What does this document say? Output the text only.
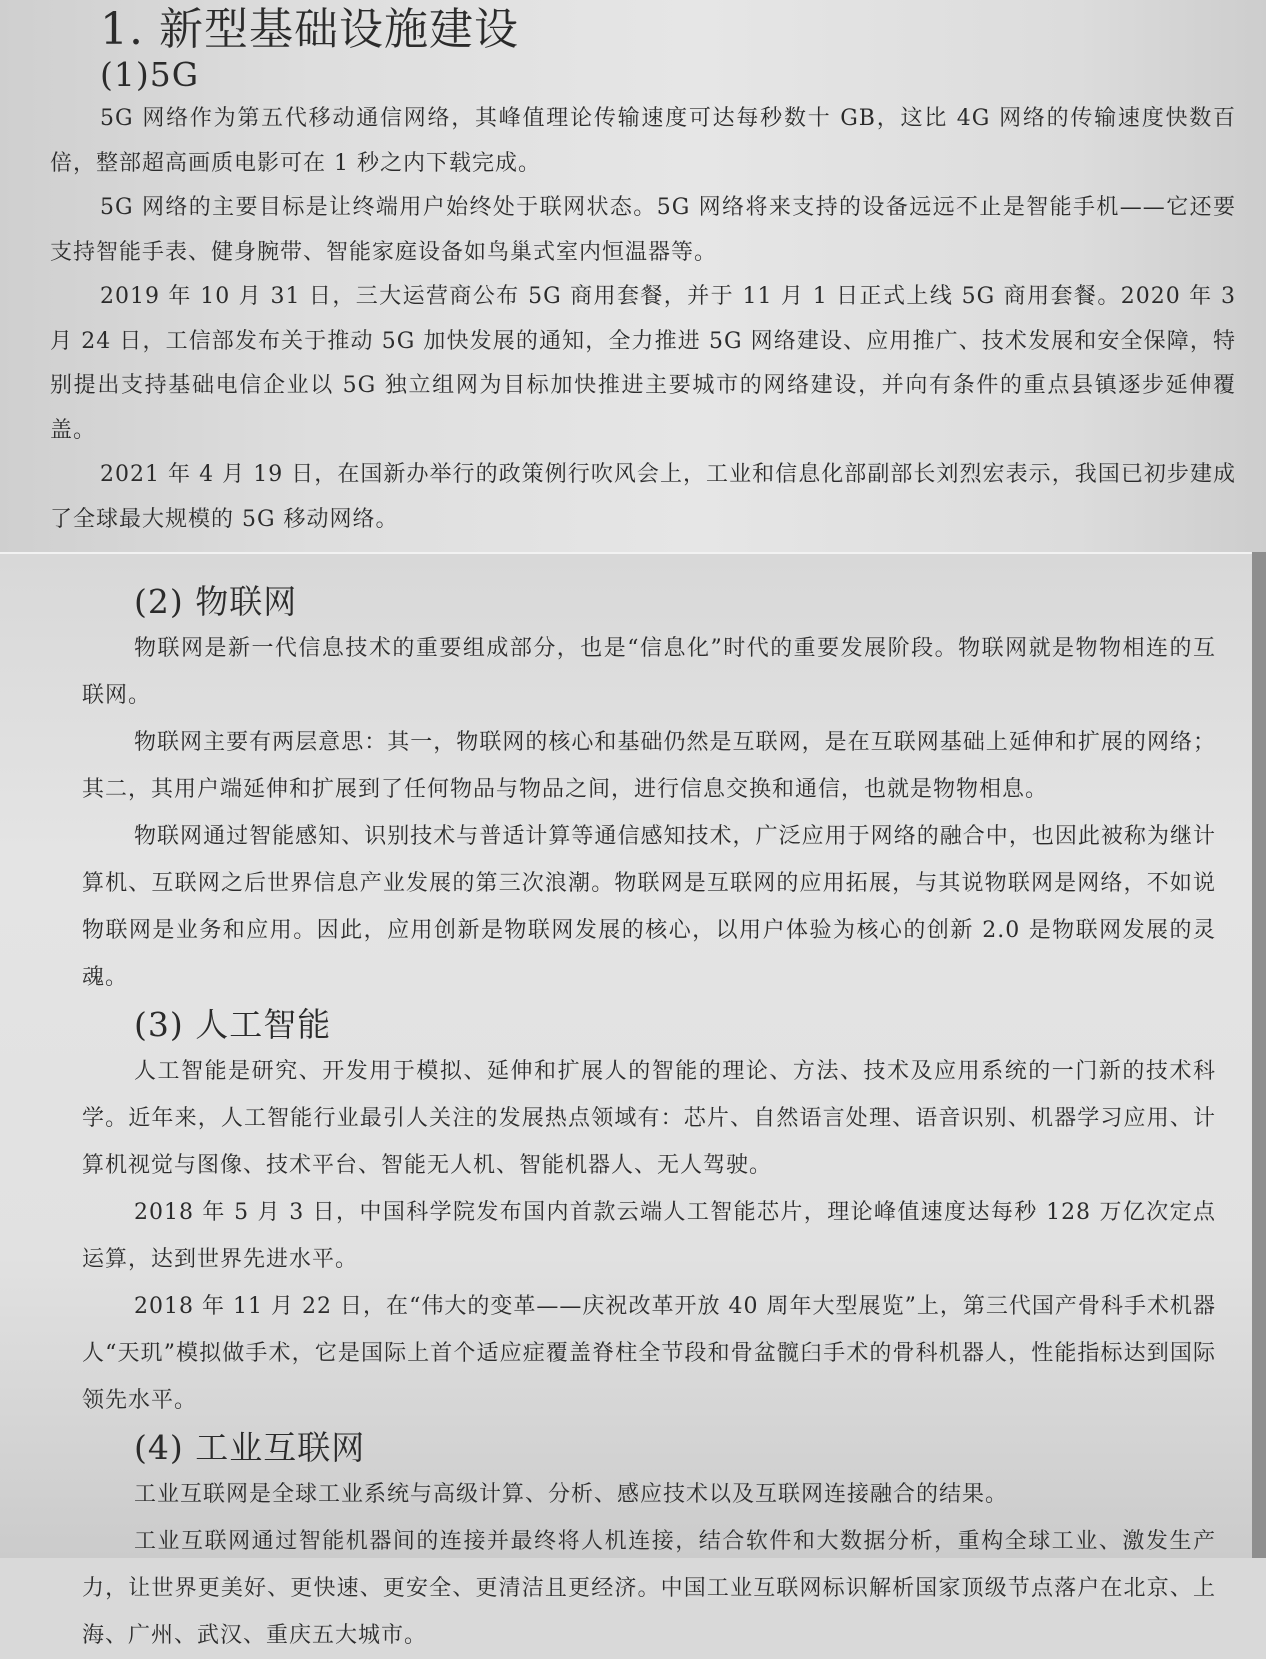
1. 新型基础设施建设
(1)5G

5G 网络作为第五代移动通信网络，其峰值理论传输速度可达每秒数十 GB，这比 4G 网络的传输速度快数百倍，整部超高画质电影可在 1 秒之内下载完成。

5G 网络的主要目标是让终端用户始终处于联网状态。5G 网络将来支持的设备远远不止是智能手机——它还要支持智能手表、健身腕带、智能家庭设备如鸟巢式室内恒温器等。

2019 年 10 月 31 日，三大运营商公布 5G 商用套餐，并于 11 月 1 日正式上线 5G 商用套餐。2020 年 3 月 24 日，工信部发布关于推动 5G 加快发展的通知，全力推进 5G 网络建设、应用推广、技术发展和安全保障，特别提出支持基础电信企业以 5G 独立组网为目标加快推进主要城市的网络建设，并向有条件的重点县镇逐步延伸覆盖。

2021 年 4 月 19 日，在国新办举行的政策例行吹风会上，工业和信息化部副部长刘烈宏表示，我国已初步建成了全球最大规模的 5G 移动网络。

(2) 物联网

物联网是新一代信息技术的重要组成部分，也是“信息化”时代的重要发展阶段。物联网就是物物相连的互联网。

物联网主要有两层意思：其一，物联网的核心和基础仍然是互联网，是在互联网基础上延伸和扩展的网络；其二，其用户端延伸和扩展到了任何物品与物品之间，进行信息交换和通信，也就是物物相息。

物联网通过智能感知、识别技术与普适计算等通信感知技术，广泛应用于网络的融合中，也因此被称为继计算机、互联网之后世界信息产业发展的第三次浪潮。物联网是互联网的应用拓展，与其说物联网是网络，不如说物联网是业务和应用。因此，应用创新是物联网发展的核心，以用户体验为核心的创新 2.0 是物联网发展的灵魂。

(3) 人工智能

人工智能是研究、开发用于模拟、延伸和扩展人的智能的理论、方法、技术及应用系统的一门新的技术科学。近年来，人工智能行业最引人关注的发展热点领域有：芯片、自然语言处理、语音识别、机器学习应用、计算机视觉与图像、技术平台、智能无人机、智能机器人、无人驾驶。

2018 年 5 月 3 日，中国科学院发布国内首款云端人工智能芯片，理论峰值速度达每秒 128 万亿次定点运算，达到世界先进水平。

2018 年 11 月 22 日，在“伟大的变革——庆祝改革开放 40 周年大型展览”上，第三代国产骨科手术机器人“天玑”模拟做手术，它是国际上首个适应症覆盖脊柱全节段和骨盆髋臼手术的骨科机器人，性能指标达到国际领先水平。

(4) 工业互联网

工业互联网是全球工业系统与高级计算、分析、感应技术以及互联网连接融合的结果。

工业互联网通过智能机器间的连接并最终将人机连接，结合软件和大数据分析，重构全球工业、激发生产力，让世界更美好、更快速、更安全、更清洁且更经济。中国工业互联网标识解析国家顶级节点落户在北京、上海、广州、武汉、重庆五大城市。
